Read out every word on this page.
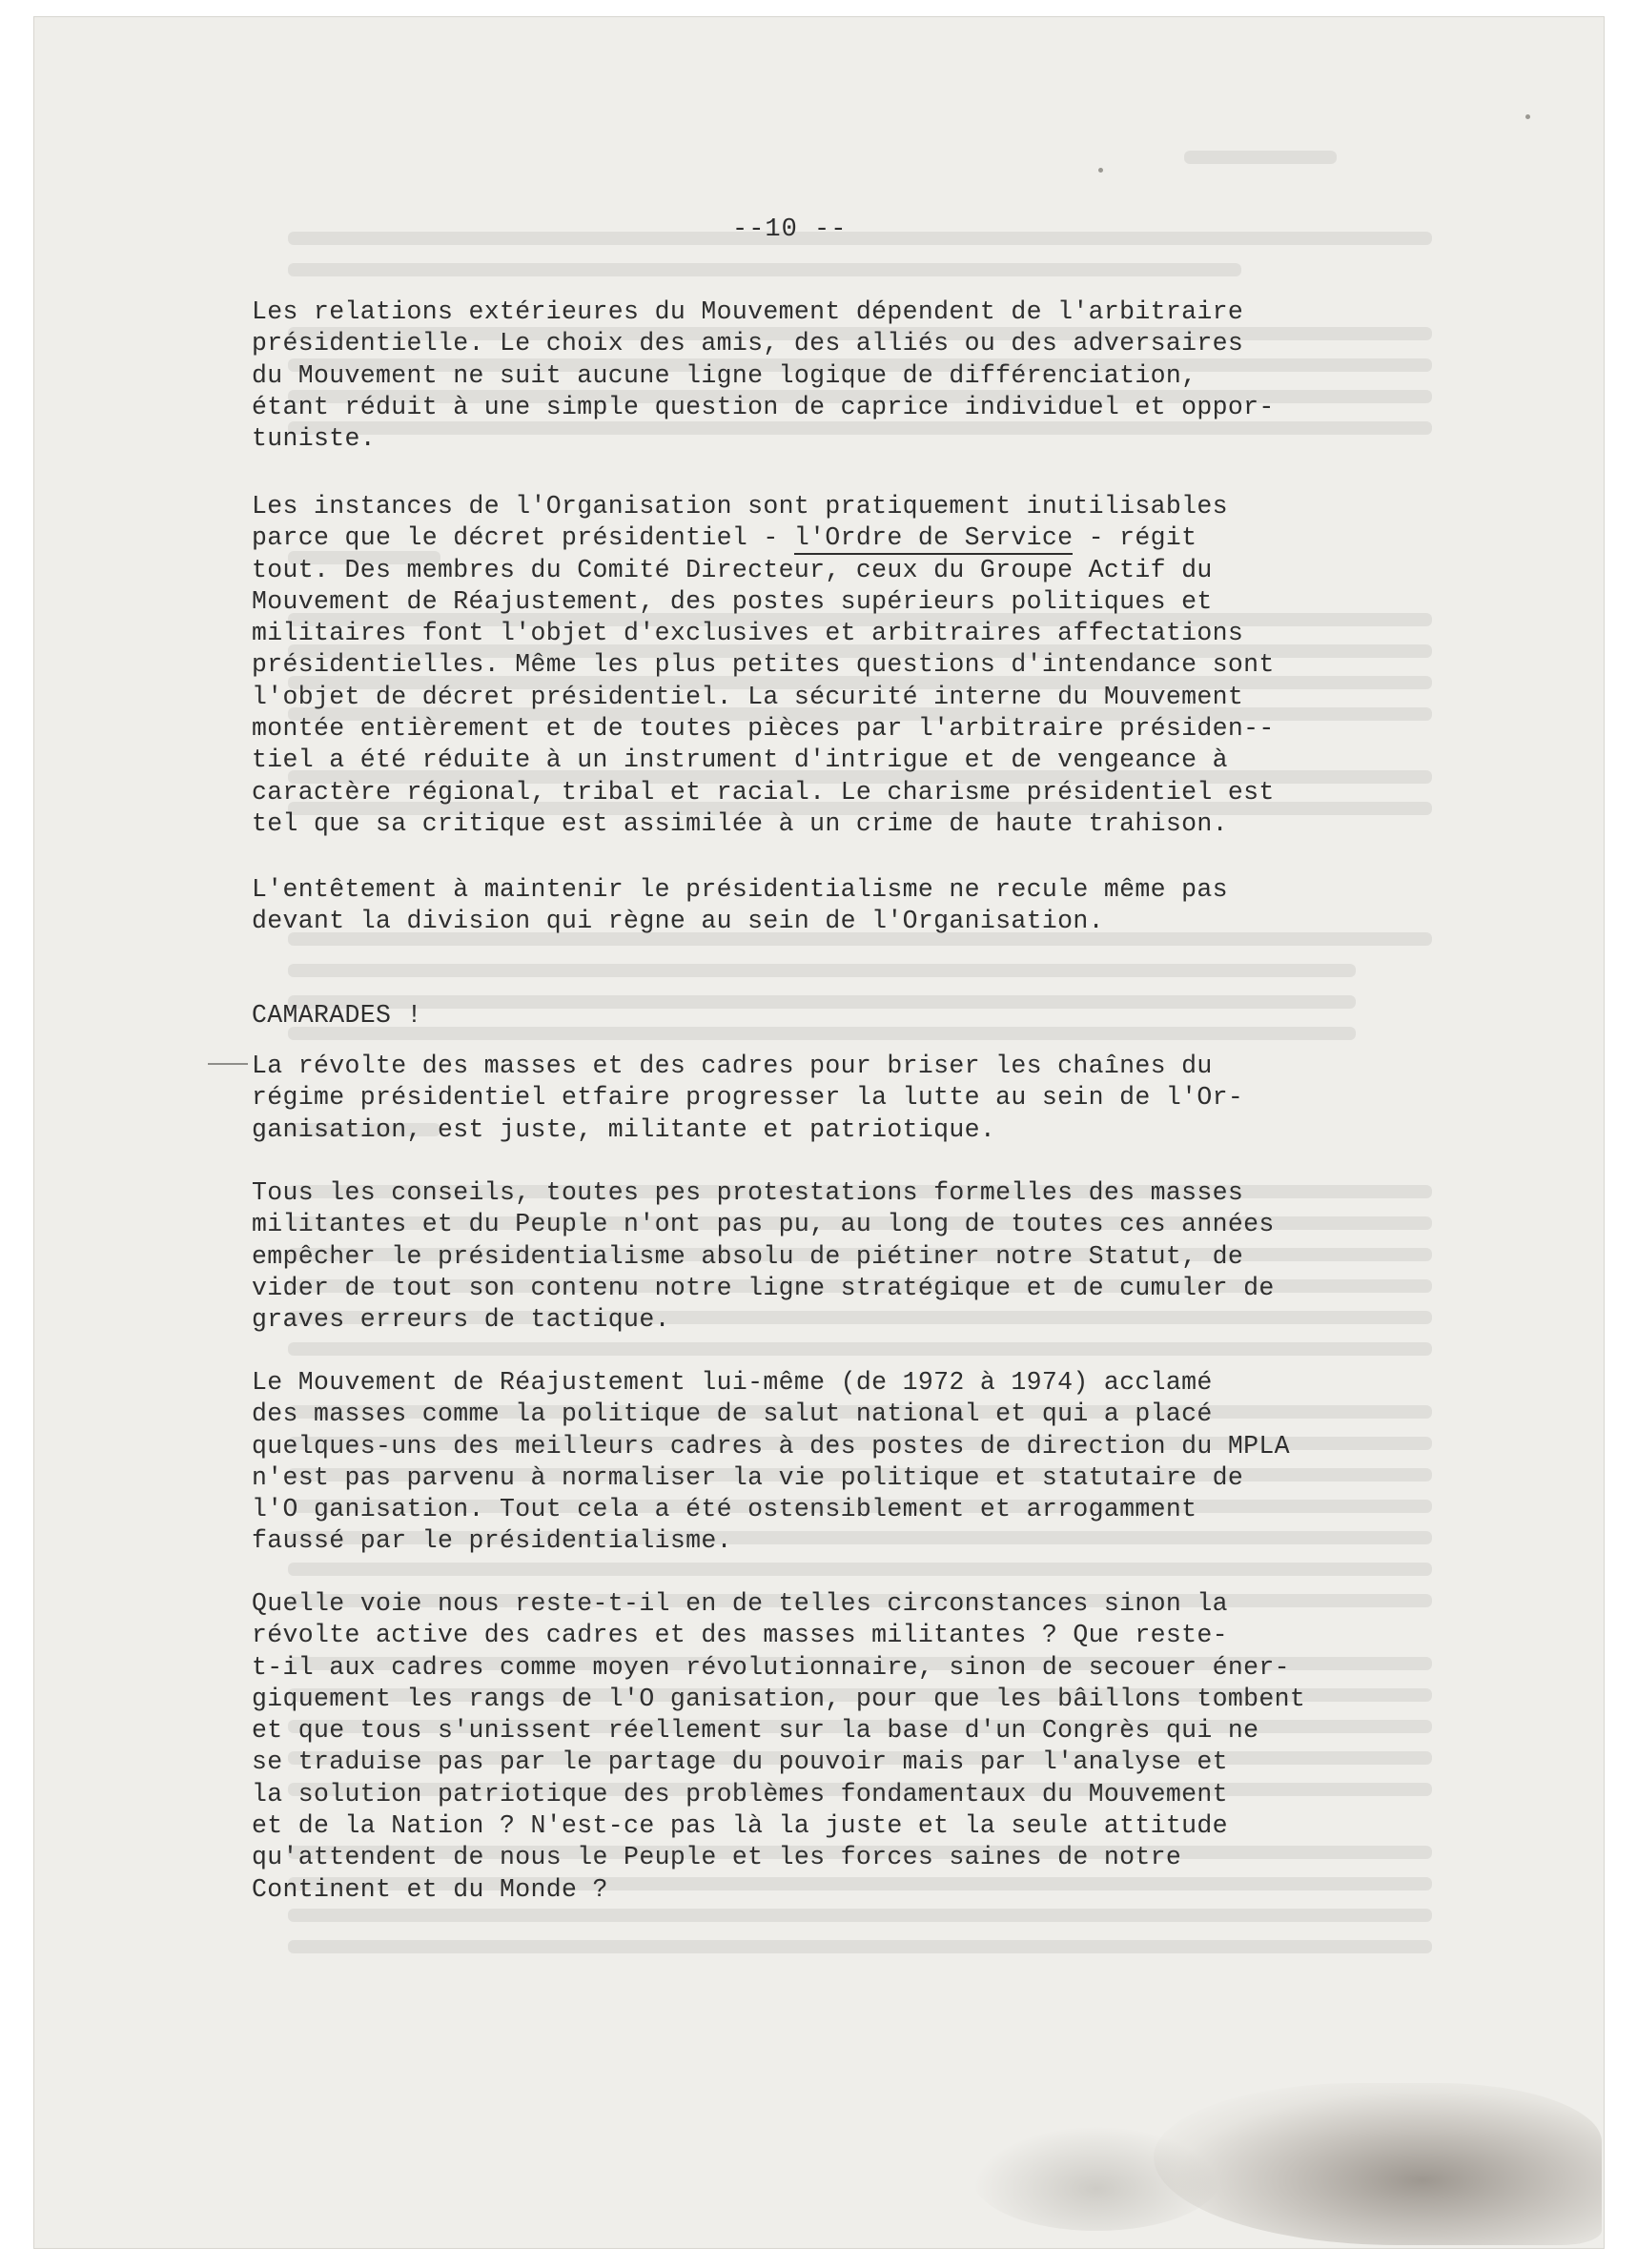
--10 --
Les relations extérieures du Mouvement dépendent de l'arbitraire
présidentielle. Le choix des amis, des alliés ou des adversaires
du Mouvement ne suit aucune ligne logique de différenciation,
étant réduit à une simple question de caprice individuel et oppor-
tuniste.
Les instances de l'Organisation sont pratiquement inutilisables
parce que le décret présidentiel - l'Ordre de Service - régit
tout. Des membres du Comité Directeur, ceux du Groupe Actif du
Mouvement de Réajustement, des postes supérieurs politiques et
militaires font l'objet d'exclusives et arbitraires affectations
présidentielles. Même les plus petites questions d'intendance sont
l'objet de décret présidentiel. La sécurité interne du Mouvement
montée entièrement et de toutes pièces par l'arbitraire présiden--
tiel a été réduite à un instrument d'intrigue et de vengeance à
caractère régional, tribal et racial. Le charisme présidentiel est
tel que sa critique est assimilée à un crime de haute trahison.
L'entêtement à maintenir le présidentialisme ne recule même pas
devant la division qui règne au sein de l'Organisation.
CAMARADES !
La révolte des masses et des cadres pour briser les chaînes du
régime présidentiel etfaire progresser la lutte au sein de l'Or-
ganisation, est juste, militante et patriotique.
Tous les conseils, toutes pes protestations formelles des masses
militantes et du Peuple n'ont pas pu, au long de toutes ces années
empêcher le présidentialisme absolu de piétiner notre Statut, de
vider de tout son contenu notre ligne stratégique et de cumuler de
graves erreurs de tactique.
Le Mouvement de Réajustement lui-même (de 1972 à 1974) acclamé
des masses comme la politique de salut national et qui a placé
quelques-uns des meilleurs cadres à des postes de direction du MPLA
n'est pas parvenu à normaliser la vie politique et statutaire de
l'O ganisation. Tout cela a été ostensiblement et arrogamment
faussé par le présidentialisme.
Quelle voie nous reste-t-il en de telles circonstances sinon la
révolte active des cadres et des masses militantes ? Que reste-
t-il aux cadres comme moyen révolutionnaire, sinon de secouer éner-
giquement les rangs de l'O ganisation, pour que les bâillons tombent
et que tous s'unissent réellement sur la base d'un Congrès qui ne
se traduise pas par le partage du pouvoir mais par l'analyse et
la solution patriotique des problèmes fondamentaux du Mouvement
et de la Nation ? N'est-ce pas là la juste et la seule attitude
qu'attendent de nous le Peuple et les forces saines de notre
Continent et du Monde ?
